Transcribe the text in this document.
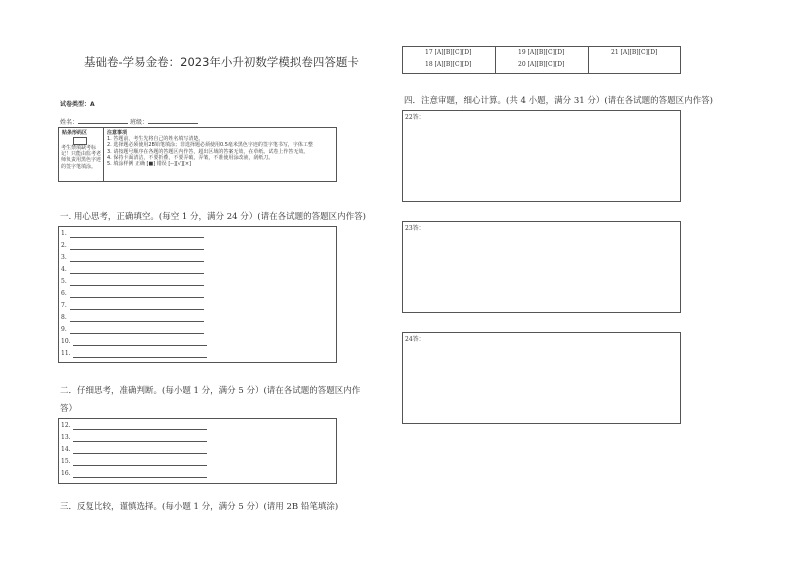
基础卷-学易金卷：2023年小升初数学模拟卷四答题卡
试卷类型：A
姓名：	班级：
贴条形码区
考生禁填缺考标记！只能由监考老师负责用黑色字迹的签字笔填涂。
注意事项
1. 答题前，考生先将自己的姓名填写清楚。
2. 选择题必须使用2B铅笔填涂；非选择题必须使用0.5毫米黑色字迹的签字笔书写，字体工整
3. 请按题号顺序在各题的答题区内作答，超出区域的答案无效，在草纸、试卷上作答无效。
4. 保持卡面清洁，不要折叠，不要弄破，弄皱，不准使用涂改液，刮纸刀。
5. 填涂样例 正确 [■] 错误 [--][√][×]
一. 用心思考，正确填空。(每空 1 分，满分 24 分）(请在各试题的答题区内作答)
1.
2.
3.
4.
5.
6.
7.
8.
9.
10.
11.
二．仔细思考，准确判断。(每小题 1 分，满分 5 分）(请在各试题的答题区内作
答）
12.
13.
14.
15.
16.
三．反复比较，谨慎选择。(每小题 1 分，满分 5 分）(请用 2B 铅笔填涂)
17 [A][B][C][D]	19 [A][B][C][D]	21 [A][B][C][D]
18 [A][B][C][D]	20 [A][B][C][D]
四．注意审题，细心计算。(共 4 小题，满分 31 分）(请在各试题的答题区内作答)
22答：
23答：
24答：
